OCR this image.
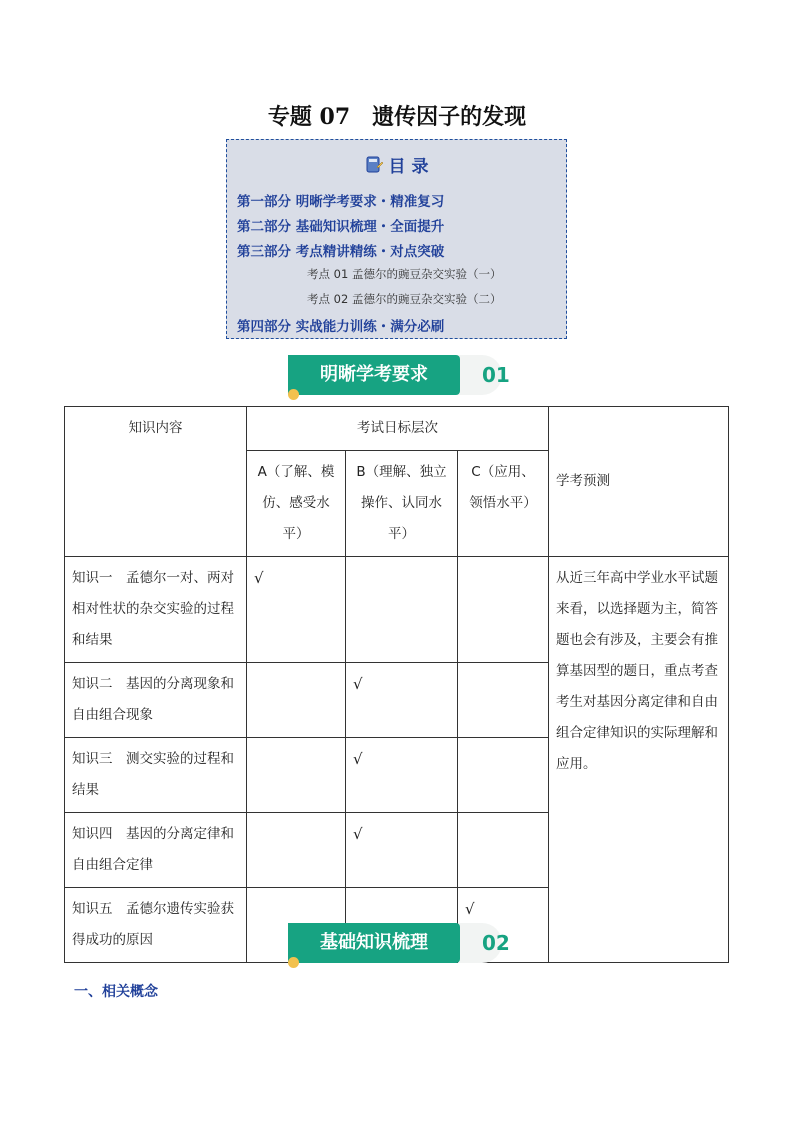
专题 07　遗传因子的发现
目 录
第一部分 明晰学考要求・精准复习
第二部分 基础知识梳理・全面提升
第三部分 考点精讲精练・对点突破
考点 01 孟德尔的豌豆杂交实验（一）
考点 02 孟德尔的豌豆杂交实验（二）
第四部分 实战能力训练・满分必刷
明晰学考要求	01
知识内容	考试日标层次			学考预测
	A（了解、模仿、感受水平）	B（理解、独立操作、认同水平）	C（应用、领悟水平）	
知识一　孟德尔一对、两对相对性状的杂交实验的过程和结果	√			从近三年高中学业水平试题来看，以选择题为主，简答题也会有涉及，主要会有推算基因型的题日，重点考查考生对基因分离定律和自由组合定律知识的实际理解和应用。
知识二　基因的分离现象和自由组合现象		√		
知识三　测交实验的过程和结果		√		
知识四　基因的分离定律和自由组合定律		√		
知识五　孟德尔遗传实验获得成功的原因			√	
基础知识梳理	02
一、相关概念
